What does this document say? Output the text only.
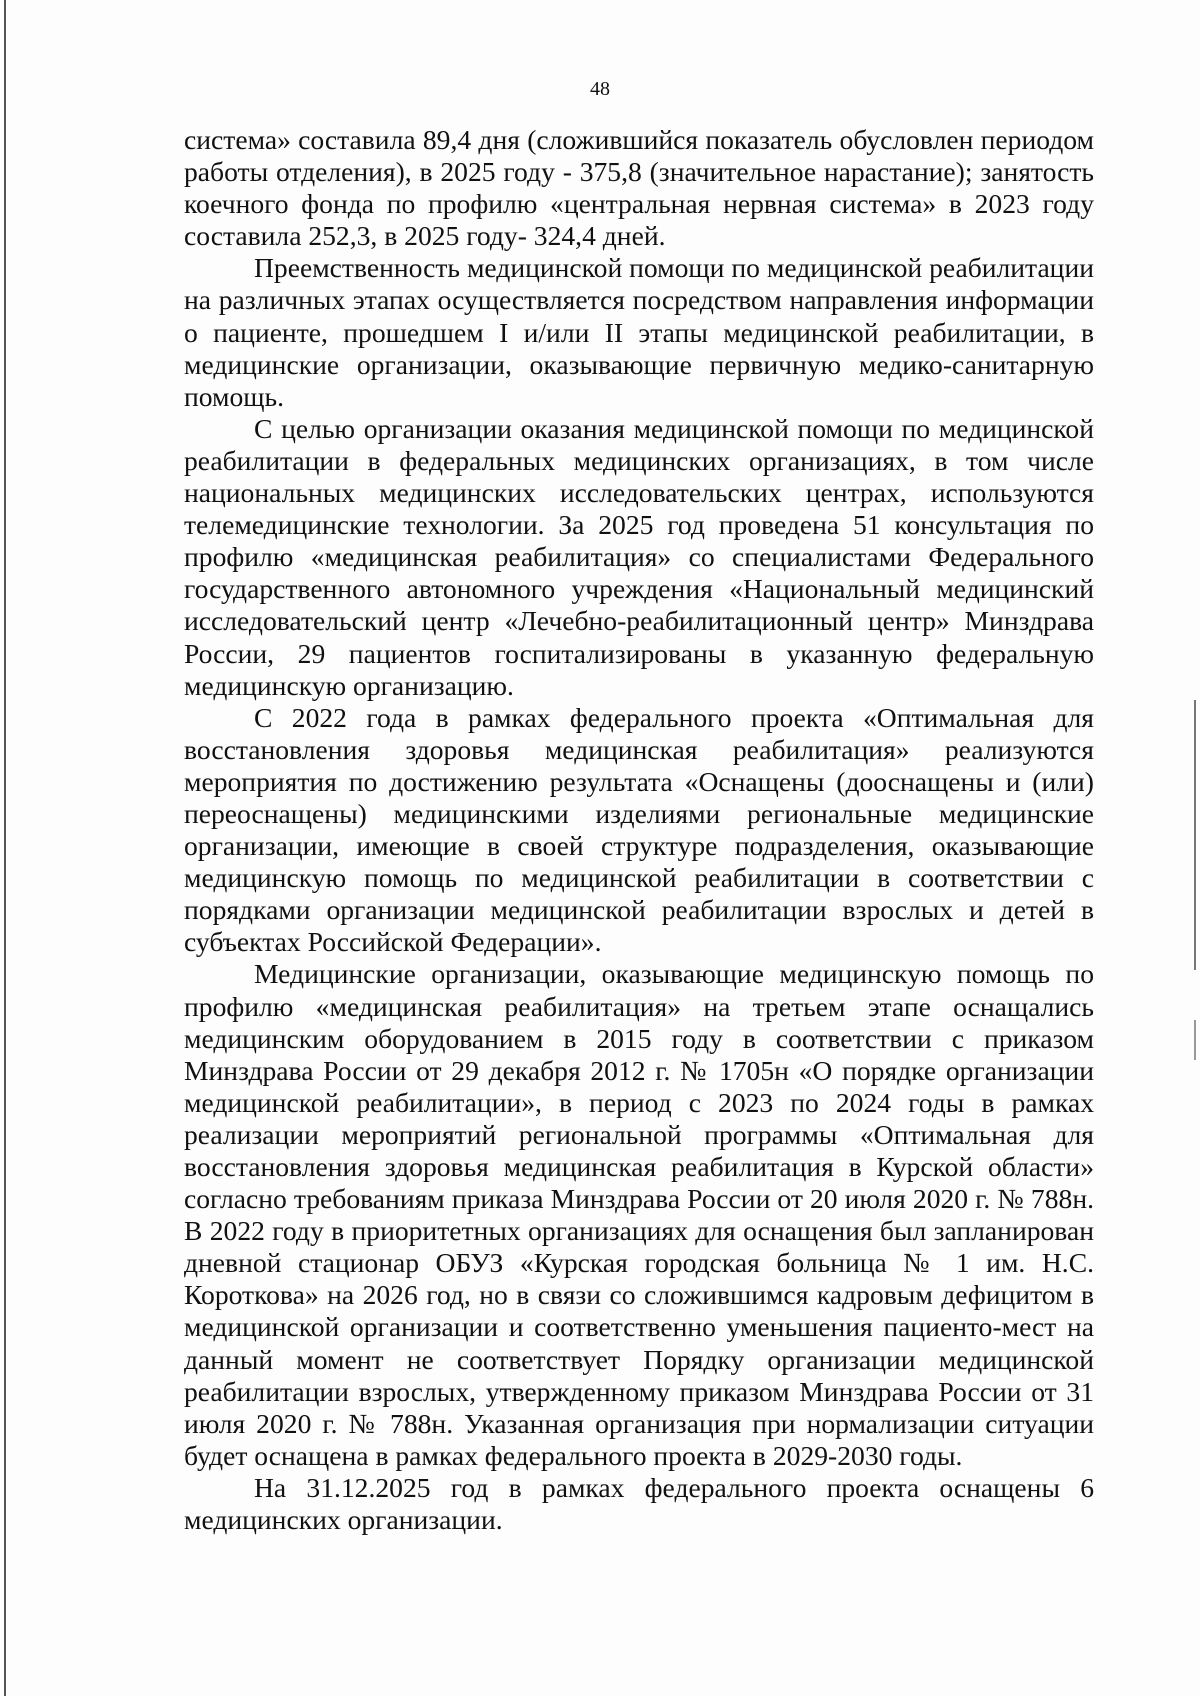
48

система» составила 89,4 дня (сложившийся показатель обусловлен периодом работы отделения), в 2025 году - 375,8 (значительное нарастание); занятость коечного фонда по профилю «центральная нервная система» в 2023 году составила 252,3, в 2025 году- 324,4 дней.

Преемственность медицинской помощи по медицинской реабилитации на различных этапах осуществляется посредством направления информации о пациенте, прошедшем I и/или II этапы медицинской реабилитации, в медицинские организации, оказывающие первичную медико-санитарную помощь.

С целью организации оказания медицинской помощи по медицинской реабилитации в федеральных медицинских организациях, в том числе национальных медицинских исследовательских центрах, используются телемедицинские технологии. За 2025 год проведена 51 консультация по профилю «медицинская реабилитация» со специалистами Федерального государственного автономного учреждения «Национальный медицинский исследовательский центр «Лечебно-реабилитационный центр» Минздрава России, 29 пациентов госпитализированы в указанную федеральную медицинскую организацию.

С 2022 года в рамках федерального проекта «Оптимальная для восстановления здоровья медицинская реабилитация» реализуются мероприятия по достижению результата «Оснащены (дооснащены и (или) переоснащены) медицинскими изделиями региональные медицинские организации, имеющие в своей структуре подразделения, оказывающие медицинскую помощь по медицинской реабилитации в соответствии с порядками организации медицинской реабилитации взрослых и детей в субъектах Российской Федерации».

Медицинские организации, оказывающие медицинскую помощь по профилю «медицинская реабилитация» на третьем этапе оснащались медицинским оборудованием в 2015 году в соответствии с приказом Минздрава России от 29 декабря 2012 г. № 1705н «О порядке организации медицинской реабилитации», в период с 2023 по 2024 годы в рамках реализации мероприятий региональной программы «Оптимальная для восстановления здоровья медицинская реабилитация в Курской области» согласно требованиям приказа Минздрава России от 20 июля 2020 г. № 788н. В 2022 году в приоритетных организациях для оснащения был запланирован дневной стационар ОБУЗ «Курская городская больница № 1 им. Н.С. Короткова» на 2026 год, но в связи со сложившимся кадровым дефицитом в медицинской организации и соответственно уменьшения пациенто-мест на данный момент не соответствует Порядку организации медицинской реабилитации взрослых, утвержденному приказом Минздрава России от 31 июля 2020 г. № 788н. Указанная организация при нормализации ситуации будет оснащена в рамках федерального проекта в 2029-2030 годы.

На 31.12.2025 год в рамках федерального проекта оснащены 6 медицинских организации.
